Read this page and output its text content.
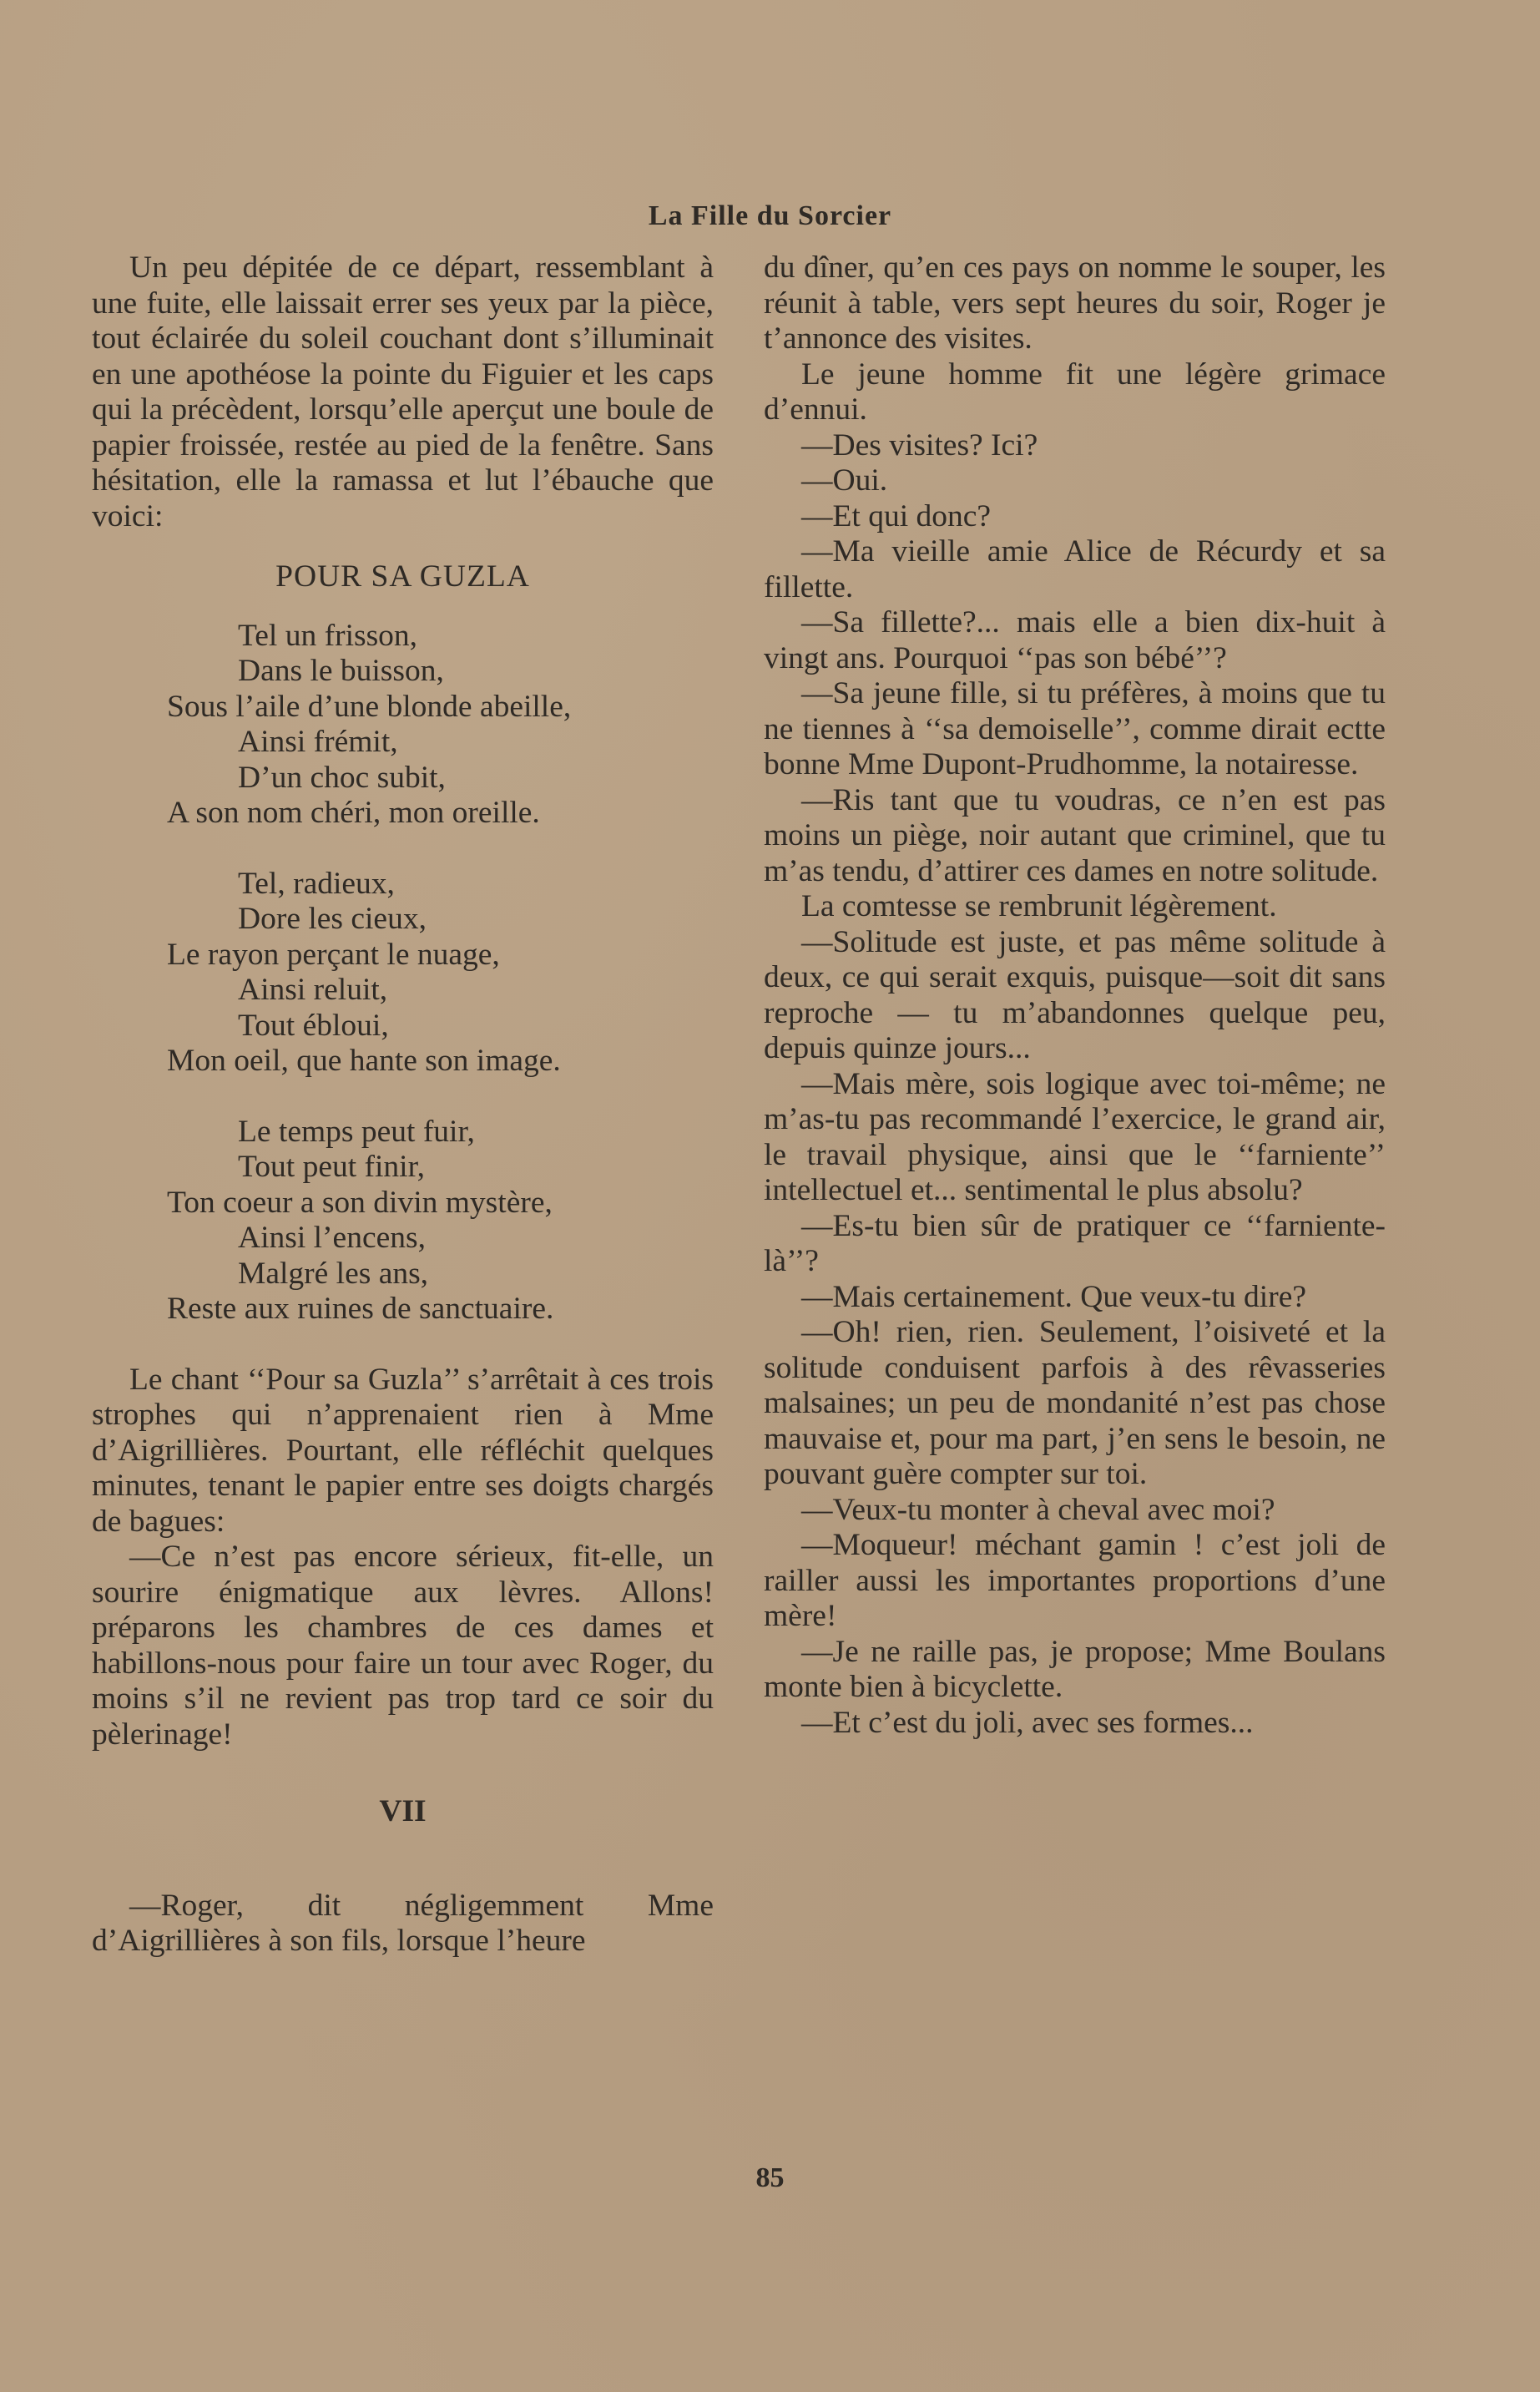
La Fille du Sorcier

Un peu dépitée de ce départ, ressemblant à une fuite, elle laissait errer ses yeux par la pièce, tout éclairée du soleil couchant dont s’illuminait en une apothéose la pointe du Figuier et les caps qui la précèdent, lorsqu’elle aperçut une boule de papier froissée, restée au pied de la fenêtre. Sans hésitation, elle la ramassa et lut l’ébauche que voici:

POUR SA GUZLA
Tel un frisson,
Dans le buisson,
Sous l’aile d’une blonde abeille,
Ainsi frémit,
D’un choc subit,
A son nom chéri, mon oreille.
Tel, radieux,
Dore les cieux,
Le rayon perçant le nuage,
Ainsi reluit,
Tout ébloui,
Mon oeil, que hante son image.
Le temps peut fuir,
Tout peut finir,
Ton coeur a son divin mystère,
Ainsi l’encens,
Malgré les ans,
Reste aux ruines de sanctuaire.

Le chant ‘‘Pour sa Guzla’’ s’arrêtait à ces trois strophes qui n’apprenaient rien à Mme d’Aigrillières. Pourtant, elle réfléchit quelques minutes, tenant le papier entre ses doigts chargés de bagues:

—Ce n’est pas encore sérieux, fit-elle, un sourire énigmatique aux lèvres. Allons! préparons les chambres de ces dames et habillons-nous pour faire un tour avec Roger, du moins s’il ne revient pas trop tard ce soir du pèlerinage!

VII

—Roger, dit négligemment Mme d’Aigrillières à son fils, lorsque l’heure

du dîner, qu’en ces pays on nomme le souper, les réunit à table, vers sept heures du soir, Roger je t’annonce des visites.

Le jeune homme fit une légère grimace d’ennui.

—Des visites? Ici?

—Oui.

—Et qui donc?

—Ma vieille amie Alice de Récurdy et sa fillette.

—Sa fillette?... mais elle a bien dix-huit à vingt ans. Pourquoi ‘‘pas son bébé’’?

—Sa jeune fille, si tu préfères, à moins que tu ne tiennes à ‘‘sa demoiselle’’, comme dirait ectte bonne Mme Dupont-Prudhomme, la notairesse.

—Ris tant que tu voudras, ce n’en est pas moins un piège, noir autant que criminel, que tu m’as tendu, d’attirer ces dames en notre solitude.

La comtesse se rembrunit légèrement.

—Solitude est juste, et pas même solitude à deux, ce qui serait exquis, puisque—soit dit sans reproche — tu m’abandonnes quelque peu, depuis quinze jours...

—Mais mère, sois logique avec toi-même; ne m’as-tu pas recommandé l’exercice, le grand air, le travail physique, ainsi que le ‘‘farniente’’ intellectuel et... sentimental le plus absolu?

—Es-tu bien sûr de pratiquer ce ‘‘farniente-là’’?

—Mais certainement. Que veux-tu dire?

—Oh! rien, rien. Seulement, l’oisiveté et la solitude conduisent parfois à des rêvasseries malsaines; un peu de mondanité n’est pas chose mauvaise et, pour ma part, j’en sens le besoin, ne pouvant guère compter sur toi.

—Veux-tu monter à cheval avec moi?

—Moqueur! méchant gamin ! c’est joli de railler aussi les importantes proportions d’une mère!

—Je ne raille pas, je propose; Mme Boulans monte bien à bicyclette.

—Et c’est du joli, avec ses formes...

85
